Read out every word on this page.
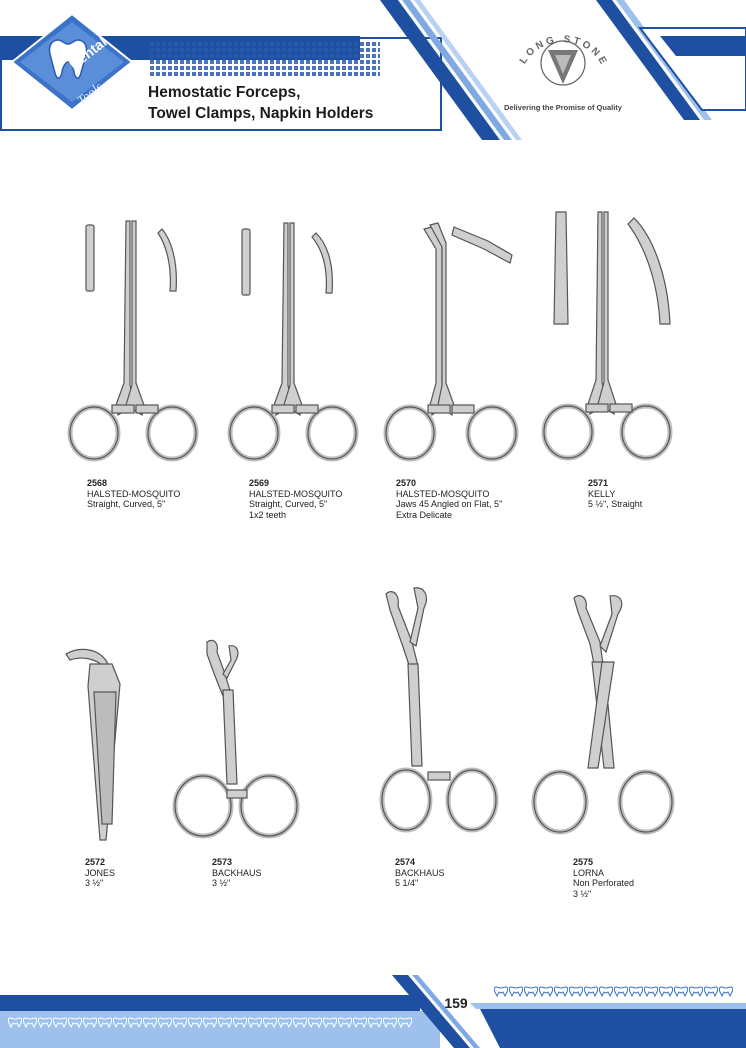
Dental
Tools
LONG STONE
Hemostatic Forceps,
Towel Clamps, Napkin Holders	Delivering the Promise of Quality
2568
HALSTED-MOSQUITO
Straight, Curved, 5"
2569
HALSTED-MOSQUITO
Straight, Curved, 5"
1x2 teeth
2570
HALSTED-MOSQUITO
Jaws 45 Angled on Flat, 5"
Extra Delicate
2571
KELLY
5 ½", Straight
2572
JONES
3 ½"
2573
BACKHAUS
3 ½"
2574
BACKHAUS
5 1/4"
2575
LORNA
Non Perforated
3 ½"
159
